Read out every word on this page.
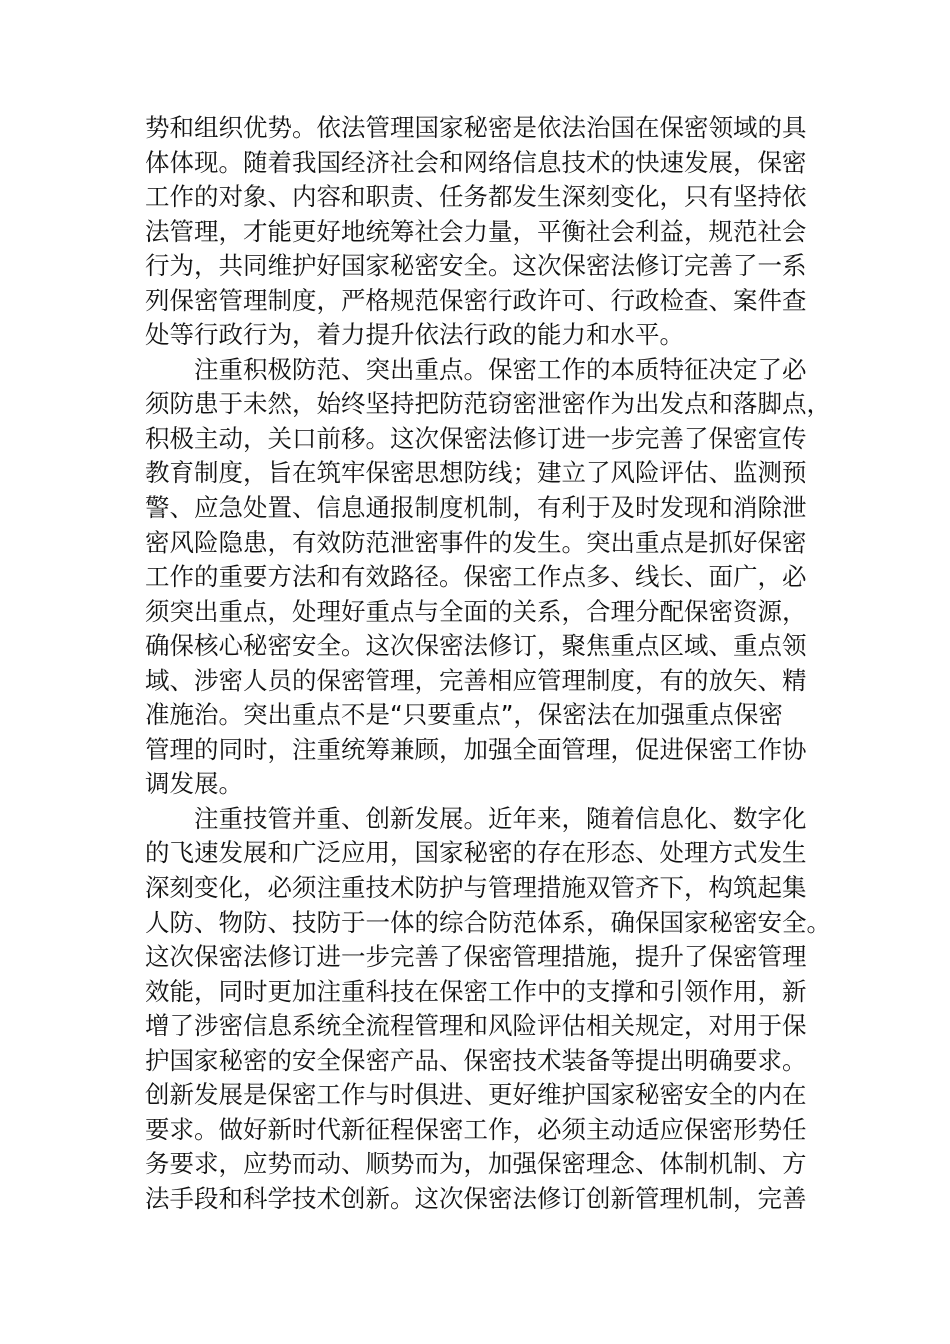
势和组织优势。依法管理国家秘密是依法治国在保密领域的具
体体现。随着我国经济社会和网络信息技术的快速发展，保密
工作的对象、内容和职责、任务都发生深刻变化，只有坚持依
法管理，才能更好地统筹社会力量，平衡社会利益，规范社会
行为，共同维护好国家秘密安全。这次保密法修订完善了一系
列保密管理制度，严格规范保密行政许可、行政检查、案件查
处等行政行为，着力提升依法行政的能力和水平。
　　注重积极防范、突出重点。保密工作的本质特征决定了必
须防患于未然，始终坚持把防范窃密泄密作为出发点和落脚点，
积极主动，关口前移。这次保密法修订进一步完善了保密宣传
教育制度，旨在筑牢保密思想防线；建立了风险评估、监测预
警、应急处置、信息通报制度机制，有利于及时发现和消除泄
密风险隐患，有效防范泄密事件的发生。突出重点是抓好保密
工作的重要方法和有效路径。保密工作点多、线长、面广，必
须突出重点，处理好重点与全面的关系，合理分配保密资源，
确保核心秘密安全。这次保密法修订，聚焦重点区域、重点领
域、涉密人员的保密管理，完善相应管理制度，有的放矢、精
准施治。突出重点不是“只要重点”，保密法在加强重点保密
管理的同时，注重统筹兼顾，加强全面管理，促进保密工作协
调发展。
　　注重技管并重、创新发展。近年来，随着信息化、数字化
的飞速发展和广泛应用，国家秘密的存在形态、处理方式发生
深刻变化，必须注重技术防护与管理措施双管齐下，构筑起集
人防、物防、技防于一体的综合防范体系，确保国家秘密安全。
这次保密法修订进一步完善了保密管理措施，提升了保密管理
效能，同时更加注重科技在保密工作中的支撑和引领作用，新
增了涉密信息系统全流程管理和风险评估相关规定，对用于保
护国家秘密的安全保密产品、保密技术装备等提出明确要求。
创新发展是保密工作与时俱进、更好维护国家秘密安全的内在
要求。做好新时代新征程保密工作，必须主动适应保密形势任
务要求，应势而动、顺势而为，加强保密理念、体制机制、方
法手段和科学技术创新。这次保密法修订创新管理机制，完善
